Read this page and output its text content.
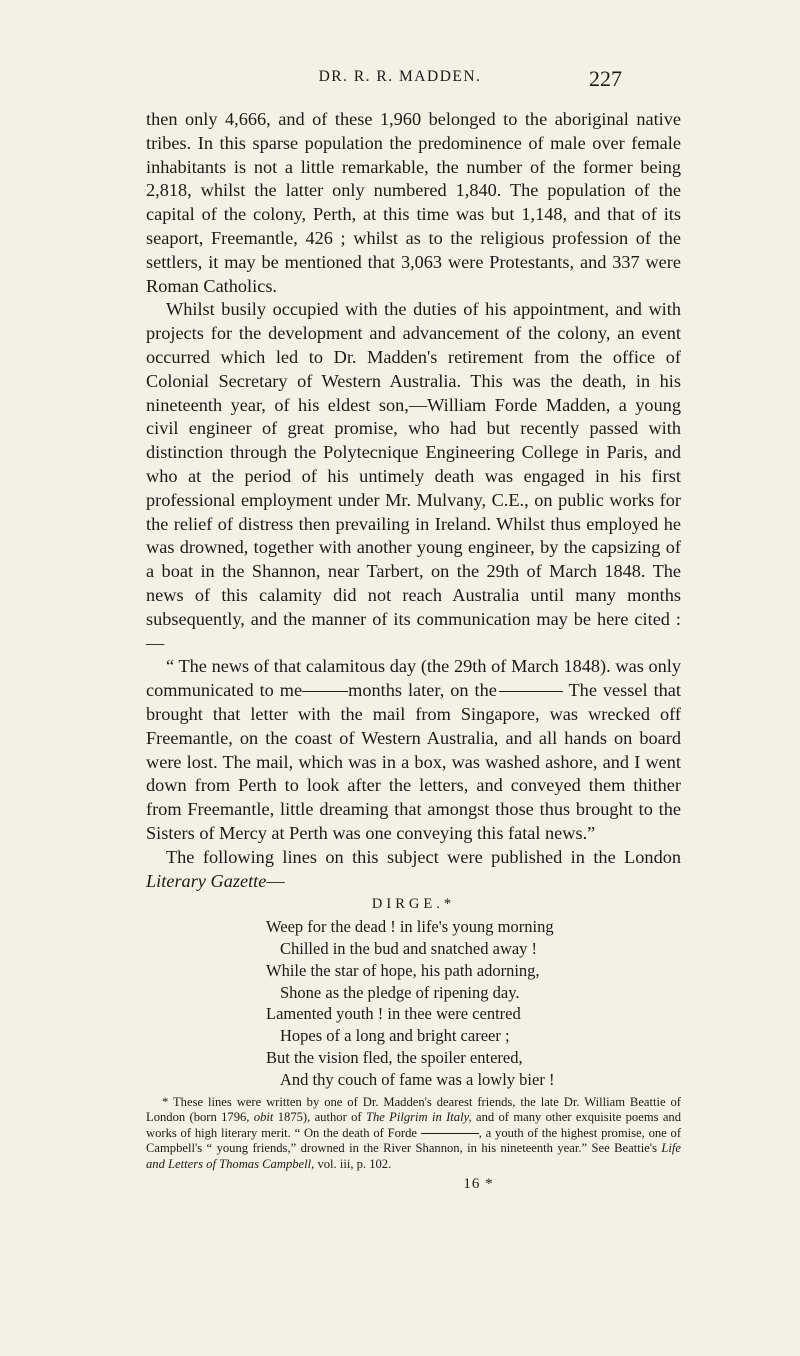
DR. R. R. MADDEN.	227

then only 4,666, and of these 1,960 belonged to the aboriginal native tribes. In this sparse population the predominence of male over female inhabitants is not a little remarkable, the number of the former being 2,818, whilst the latter only numbered 1,840. The population of the capital of the colony, Perth, at this time was but 1,148, and that of its seaport, Freemantle, 426 ; whilst as to the religious profession of the settlers, it may be mentioned that 3,063 were Protestants, and 337 were Roman Catholics.

Whilst busily occupied with the duties of his appointment, and with projects for the development and advancement of the colony, an event occurred which led to Dr. Madden's retirement from the office of Colonial Secretary of Western Australia. This was the death, in his nineteenth year, of his eldest son,—William Forde Madden, a young civil engineer of great promise, who had but recently passed with distinction through the Polytecnique Engineering College in Paris, and who at the period of his untimely death was engaged in his first professional employment under Mr. Mulvany, C.E., on public works for the relief of distress then prevailing in Ireland. Whilst thus employed he was drowned, together with another young engineer, by the capsizing of a boat in the Shannon, near Tarbert, on the 29th of March 1848. The news of this calamity did not reach Australia until many months subsequently, and the manner of its communication may be here cited :—

“ The news of that calamitous day (the 29th of March 1848). was only communicated to me	months later, on the	The vessel that brought that letter with the mail from Singapore, was wrecked off Freemantle, on the coast of Western Australia, and all hands on board were lost. The mail, which was in a box, was washed ashore, and I went down from Perth to look after the letters, and conveyed them thither from Freemantle, little dreaming that amongst those thus brought to the Sisters of Mercy at Perth was one conveying this fatal news.”

The following lines on this subject were published in the London Literary Gazette—

DIRGE.*
Weep for the dead ! in life's young morning
Chilled in the bud and snatched away !
While the star of hope, his path adorning,
Shone as the pledge of ripening day.
Lamented youth ! in thee were centred
Hopes of a long and bright career ;
But the vision fled, the spoiler entered,
And thy couch of fame was a lowly bier !
* These lines were written by one of Dr. Madden's dearest friends, the late Dr. William Beattie of London (born 1796, obit 1875), author of The Pilgrim in Italy, and of many other exquisite poems and works of high literary merit. “ On the death of Forde	, a youth of the highest promise, one of Campbell's “ young friends,” drowned in the River Shannon, in his nineteenth year.” See Beattie's Life and Letters of Thomas Campbell, vol. iii, p. 102.
16 *
